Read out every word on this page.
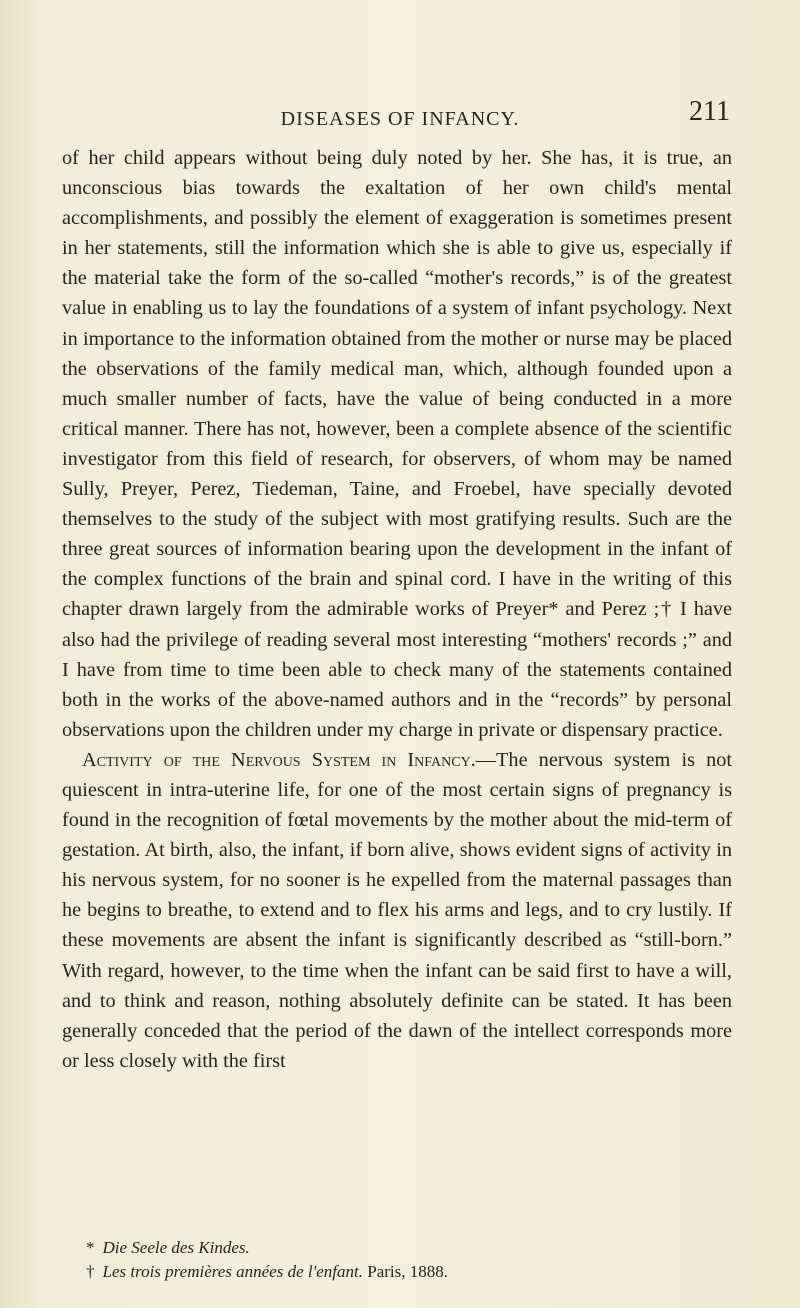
DISEASES OF INFANCY.	211

of her child appears without being duly noted by her. She has, it is true, an unconscious bias towards the exaltation of her own child's mental accomplishments, and possibly the element of exaggeration is sometimes present in her statements, still the information which she is able to give us, especially if the material take the form of the so-called “mother's records,” is of the greatest value in enabling us to lay the foundations of a system of infant psychology. Next in importance to the information obtained from the mother or nurse may be placed the observations of the family medical man, which, although founded upon a much smaller number of facts, have the value of being conducted in a more critical manner. There has not, however, been a complete absence of the scientific investigator from this field of research, for observers, of whom may be named Sully, Preyer, Perez, Tiedeman, Taine, and Froebel, have specially devoted themselves to the study of the subject with most gratifying results. Such are the three great sources of information bearing upon the development in the infant of the complex functions of the brain and spinal cord. I have in the writing of this chapter drawn largely from the admirable works of Preyer* and Perez ;† I have also had the privilege of reading several most interesting “mothers' records ;” and I have from time to time been able to check many of the statements contained both in the works of the above-named authors and in the “records” by personal observations upon the children under my charge in private or dispensary practice.

Activity of the Nervous System in Infancy.—The nervous system is not quiescent in intra-uterine life, for one of the most certain signs of pregnancy is found in the recognition of fœtal movements by the mother about the mid-term of gestation. At birth, also, the infant, if born alive, shows evident signs of activity in his nervous system, for no sooner is he expelled from the maternal passages than he begins to breathe, to extend and to flex his arms and legs, and to cry lustily. If these movements are absent the infant is significantly described as “still-born.” With regard, however, to the time when the infant can be said first to have a will, and to think and reason, nothing absolutely definite can be stated. It has been generally conceded that the period of the dawn of the intellect corresponds more or less closely with the first

* Die Seele des Kindes.
† Les trois premières années de l'enfant. Paris, 1888.
